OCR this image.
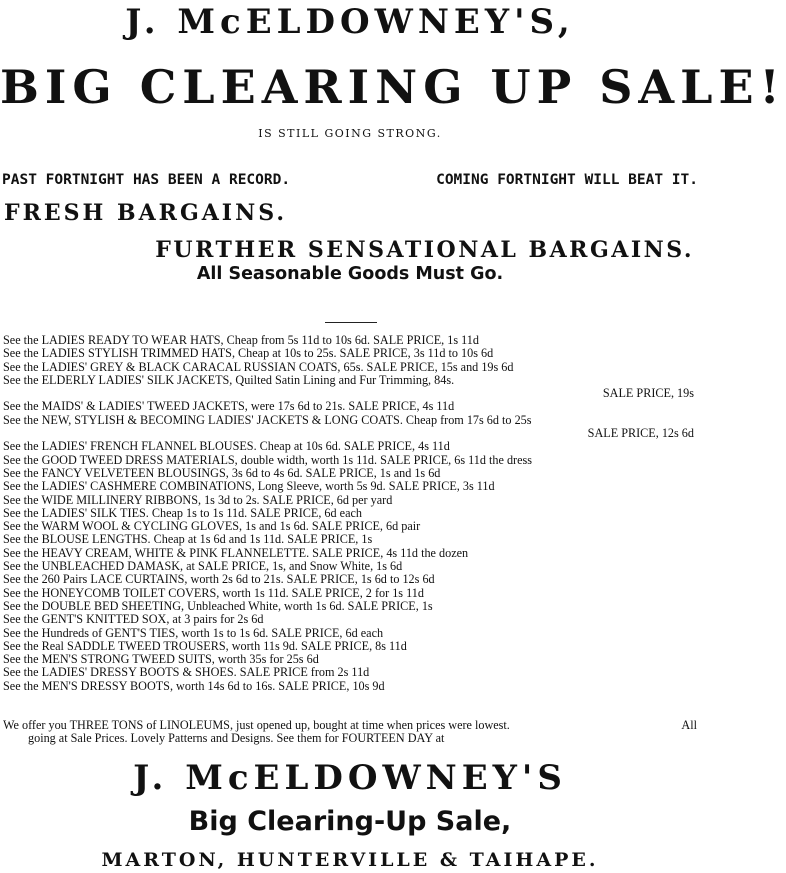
J. McELDOWNEY'S,
BIG CLEARING UP SALE!
IS STILL GOING STRONG.
PAST FORTNIGHT HAS BEEN A RECORD.	COMING FORTNIGHT WILL BEAT IT.
FRESH BARGAINS.
FURTHER SENSATIONAL BARGAINS.
All Seasonable Goods Must Go.
See the LADIES READY TO WEAR HATS, Cheap from 5s 11d to 10s 6d. SALE PRICE, 1s 11d
See the LADIES STYLISH TRIMMED HATS, Cheap at 10s to 25s. SALE PRICE, 3s 11d to 10s 6d
See the LADIES' GREY & BLACK CARACAL RUSSIAN COATS, 65s. SALE PRICE, 15s and 19s 6d
See the ELDERLY LADIES' SILK JACKETS, Quilted Satin Lining and Fur Trimming, 84s.
SALE PRICE, 19s
See the MAIDS' & LADIES' TWEED JACKETS, were 17s 6d to 21s. SALE PRICE, 4s 11d
See the NEW, STYLISH & BECOMING LADIES' JACKETS & LONG COATS. Cheap from 17s 6d to 25s
SALE PRICE, 12s 6d
See the LADIES' FRENCH FLANNEL BLOUSES. Cheap at 10s 6d. SALE PRICE, 4s 11d
See the GOOD TWEED DRESS MATERIALS, double width, worth 1s 11d. SALE PRICE, 6s 11d the dress
See the FANCY VELVETEEN BLOUSINGS, 3s 6d to 4s 6d. SALE PRICE, 1s and 1s 6d
See the LADIES' CASHMERE COMBINATIONS, Long Sleeve, worth 5s 9d. SALE PRICE, 3s 11d
See the WIDE MILLINERY RIBBONS, 1s 3d to 2s. SALE PRICE, 6d per yard
See the LADIES' SILK TIES. Cheap 1s to 1s 11d. SALE PRICE, 6d each
See the WARM WOOL & CYCLING GLOVES, 1s and 1s 6d. SALE PRICE, 6d pair
See the BLOUSE LENGTHS. Cheap at 1s 6d and 1s 11d. SALE PRICE, 1s
See the HEAVY CREAM, WHITE & PINK FLANNELETTE. SALE PRICE, 4s 11d the dozen
See the UNBLEACHED DAMASK, at SALE PRICE, 1s, and Snow White, 1s 6d
See the 260 Pairs LACE CURTAINS, worth 2s 6d to 21s. SALE PRICE, 1s 6d to 12s 6d
See the HONEYCOMB TOILET COVERS, worth 1s 11d. SALE PRICE, 2 for 1s 11d
See the DOUBLE BED SHEETING, Unbleached White, worth 1s 6d. SALE PRICE, 1s
See the GENT'S KNITTED SOX, at 3 pairs for 2s 6d
See the Hundreds of GENT'S TIES, worth 1s to 1s 6d. SALE PRICE, 6d each
See the Real SADDLE TWEED TROUSERS, worth 11s 9d. SALE PRICE, 8s 11d
See the MEN'S STRONG TWEED SUITS, worth 35s for 25s 6d
See the LADIES' DRESSY BOOTS & SHOES. SALE PRICE from 2s 11d
See the MEN'S DRESSY BOOTS, worth 14s 6d to 16s. SALE PRICE, 10s 9d
We offer you THREE TONS of LINOLEUMS, just opened up, bought at time when prices were lowest.	All
going at Sale Prices. Lovely Patterns and Designs. See them for FOURTEEN DAY at
J. McELDOWNEY'S
Big Clearing-Up Sale,
MARTON, HUNTERVILLE & TAIHAPE.
